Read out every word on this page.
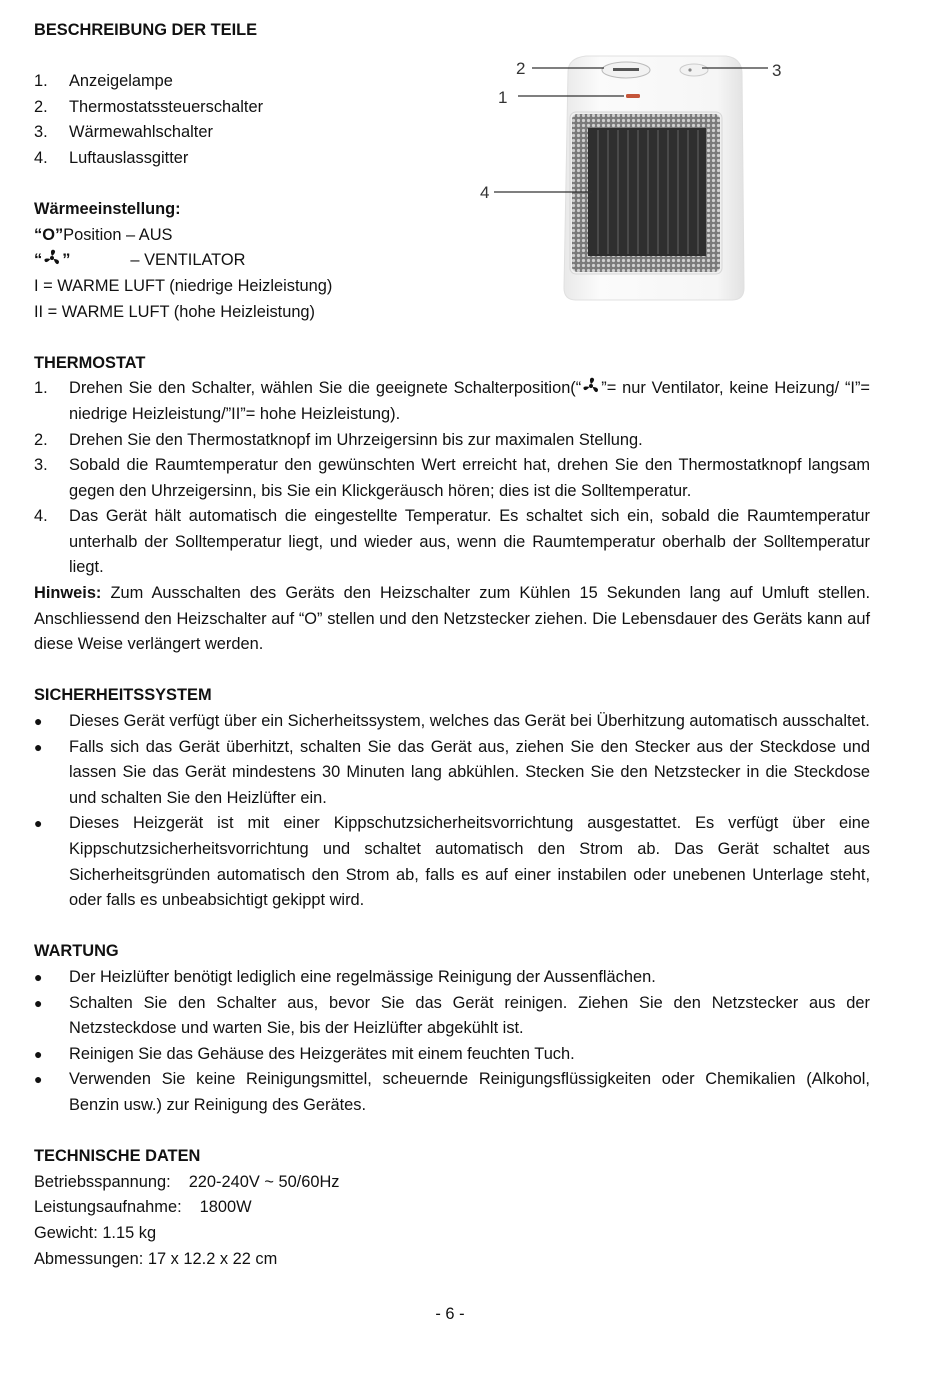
BESCHREIBUNG DER TEILE

1. Anzeigelampe
2. Thermostatssteuerschalter
3. Wärmewahlschalter
4. Luftauslassgitter

Wärmeeinstellung:

“O”Position – AUS

“ ”	– VENTILATOR

I = WARME LUFT (niedrige Heizleistung)

II = WARME LUFT (hohe Heizleistung)

THERMOSTAT

1. Drehen Sie den Schalter, wählen Sie die geeignete Schalterposition(“ ”= nur Ventilator, keine Heizung/ “I”= niedrige Heizleistung/”II”= hohe Heizleistung).
2. Drehen Sie den Thermostatknopf im Uhrzeigersinn bis zur maximalen Stellung.
3. Sobald die Raumtemperatur den gewünschten Wert erreicht hat, drehen Sie den Thermostatknopf langsam gegen den Uhrzeigersinn, bis Sie ein Klickgeräusch hören; dies ist die Solltemperatur.
4. Das Gerät hält automatisch die eingestellte Temperatur. Es schaltet sich ein, sobald die Raumtemperatur unterhalb der Solltemperatur liegt, und wieder aus, wenn die Raumtemperatur oberhalb der Solltemperatur liegt.

Hinweis: Zum Ausschalten des Geräts den Heizschalter zum Kühlen 15 Sekunden lang auf Umluft stellen. Anschliessend den Heizschalter auf “O” stellen und den Netzstecker ziehen. Die Lebensdauer des Geräts kann auf diese Weise verlängert werden.

SICHERHEITSSYSTEM

● Dieses Gerät verfügt über ein Sicherheitssystem, welches das Gerät bei Überhitzung automatisch ausschaltet.
● Falls sich das Gerät überhitzt, schalten Sie das Gerät aus, ziehen Sie den Stecker aus der Steckdose und lassen Sie das Gerät mindestens 30 Minuten lang abkühlen. Stecken Sie den Netzstecker in die Steckdose und schalten Sie den Heizlüfter ein.
● Dieses Heizgerät ist mit einer Kippschutzsicherheitsvorrichtung ausgestattet. Es verfügt über eine Kippschutzsicherheitsvorrichtung und schaltet automatisch den Strom ab. Das Gerät schaltet aus Sicherheitsgründen automatisch den Strom ab, falls es auf einer instabilen oder unebenen Unterlage steht, oder falls es unbeabsichtigt gekippt wird.

WARTUNG

● Der Heizlüfter benötigt lediglich eine regelmässige Reinigung der Aussenflächen.
● Schalten Sie den Schalter aus, bevor Sie das Gerät reinigen. Ziehen Sie den Netzstecker aus der Netzsteckdose und warten Sie, bis der Heizlüfter abgekühlt ist.
● Reinigen Sie das Gehäuse des Heizgerätes mit einem feuchten Tuch.
● Verwenden Sie keine Reinigungsmittel, scheuernde Reinigungsflüssigkeiten oder Chemikalien (Alkohol, Benzin usw.) zur Reinigung des Gerätes.

TECHNISCHE DATEN

Betriebsspannung: 220-240V ~ 50/60Hz

Leistungsaufnahme: 1800W

Gewicht: 1.15 kg

Abmessungen: 17 x 12.2 x 22 cm

2	3
1
4
- 6 -
